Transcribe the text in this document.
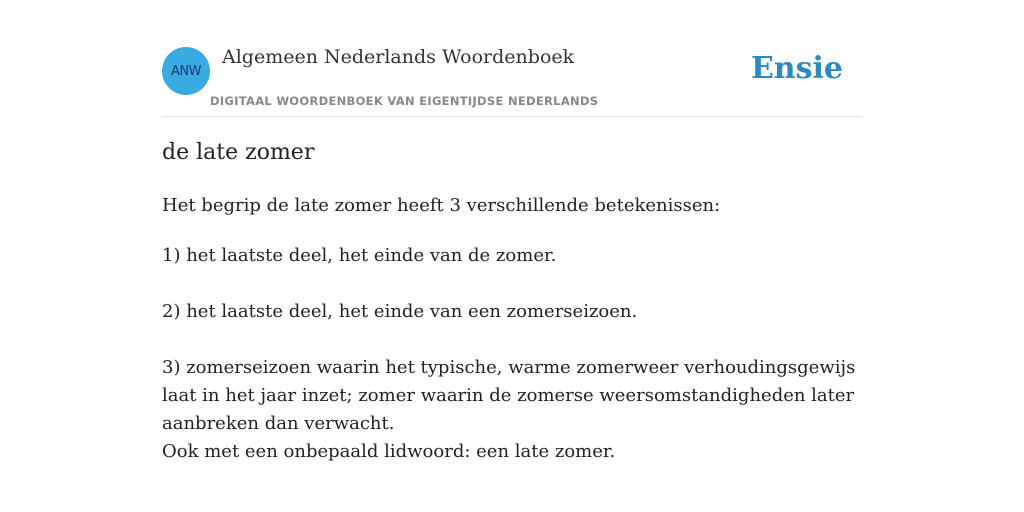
ANW
Algemeen Nederlands Woordenboek
DIGITAAL WOORDENBOEK VAN EIGENTIJDSE NEDERLANDS
Ensie
de late zomer
Het begrip de late zomer heeft 3 verschillende betekenissen:

1) het laatste deel, het einde van de zomer.

2) het laatste deel, het einde van een zomerseizoen.

3) zomerseizoen waarin het typische, warme zomerweer verhoudingsgewijs laat in het jaar inzet; zomer waarin de zomerse weersomstandigheden later aanbreken dan verwacht.
Ook met een onbepaald lidwoord: een late zomer.
